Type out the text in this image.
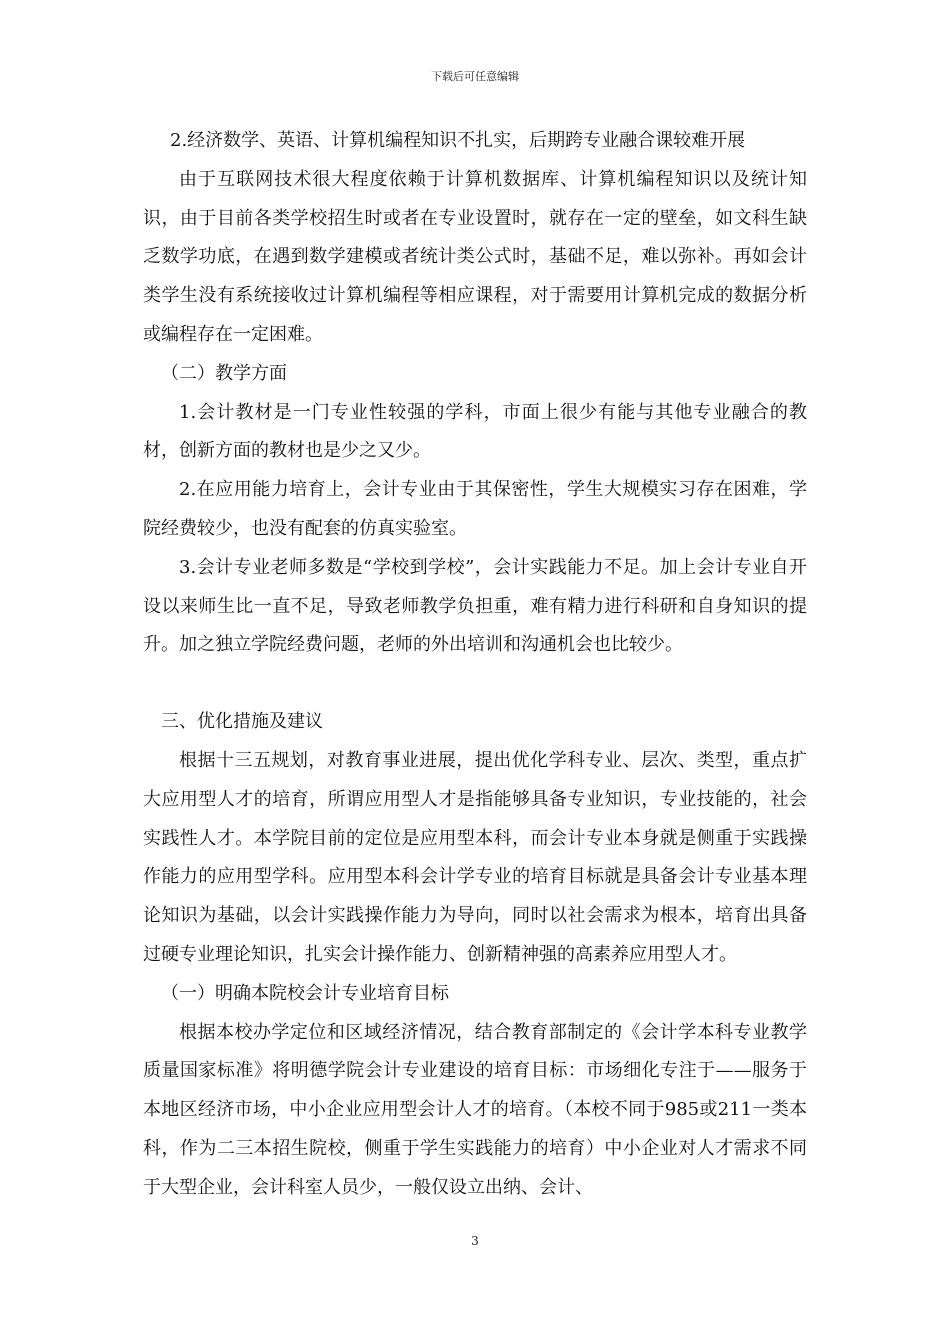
下载后可任意编辑

2.经济数学、英语、计算机编程知识不扎实，后期跨专业融合课较难开展

由于互联网技术很大程度依赖于计算机数据库、计算机编程知识以及统计知识，由于目前各类学校招生时或者在专业设置时，就存在一定的壁垒，如文科生缺乏数学功底，在遇到数学建模或者统计类公式时，基础不足，难以弥补。再如会计类学生没有系统接收过计算机编程等相应课程，对于需要用计算机完成的数据分析或编程存在一定困难。

（二）教学方面

1.会计教材是一门专业性较强的学科，市面上很少有能与其他专业融合的教材，创新方面的教材也是少之又少。

2.在应用能力培育上，会计专业由于其保密性，学生大规模实习存在困难，学院经费较少，也没有配套的仿真实验室。

3.会计专业老师多数是“学校到学校”，会计实践能力不足。加上会计专业自开设以来师生比一直不足，导致老师教学负担重，难有精力进行科研和自身知识的提升。加之独立学院经费问题，老师的外出培训和沟通机会也比较少。

三、优化措施及建议

根据十三五规划，对教育事业进展，提出优化学科专业、层次、类型，重点扩大应用型人才的培育，所谓应用型人才是指能够具备专业知识，专业技能的，社会实践性人才。本学院目前的定位是应用型本科，而会计专业本身就是侧重于实践操作能力的应用型学科。应用型本科会计学专业的培育目标就是具备会计专业基本理论知识为基础，以会计实践操作能力为导向，同时以社会需求为根本，培育出具备过硬专业理论知识，扎实会计操作能力、创新精神强的高素养应用型人才。

（一）明确本院校会计专业培育目标

根据本校办学定位和区域经济情况，结合教育部制定的《会计学本科专业教学质量国家标准》将明德学院会计专业建设的培育目标：市场细化专注于——服务于本地区经济市场，中小企业应用型会计人才的培育。（本校不同于985或211一类本科，作为二三本招生院校，侧重于学生实践能力的培育）中小企业对人才需求不同于大型企业，会计科室人员少，一般仅设立出纳、会计、

3
